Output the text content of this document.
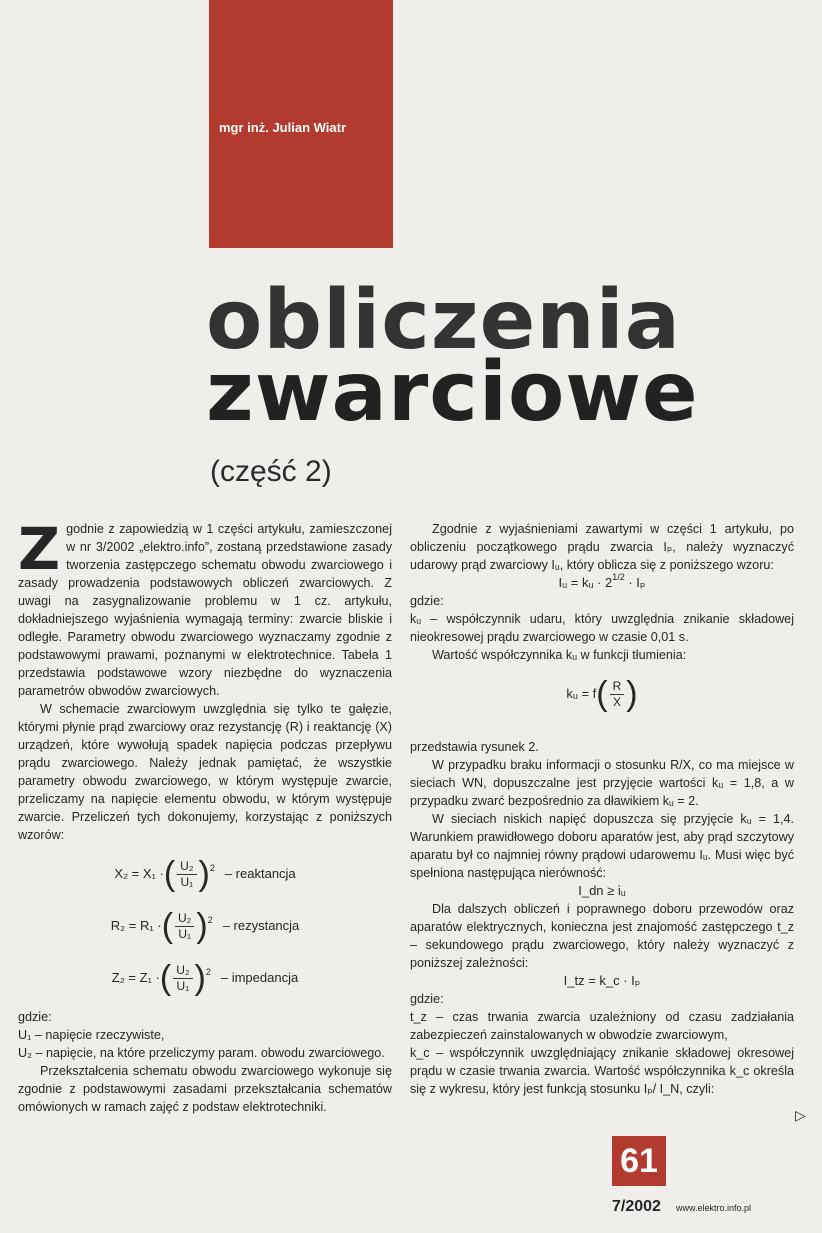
mgr inż. Julian Wiatr
obliczenia
zwarciowe
(część 2)

Zgodnie z zapowiedzią w 1 części artykułu, zamieszczonej w nr 3/2002 „elektro.info”, zostaną przedstawione zasady tworzenia zastępczego schematu obwodu zwarciowego i zasady prowadzenia podstawowych obliczeń zwarciowych. Z uwagi na zasygnalizowanie problemu w 1 cz. artykułu, dokładniejszego wyjaśnienia wymagają terminy: zwarcie bliskie i odległe. Parametry obwodu zwarciowego wyznaczamy zgodnie z podstawowymi prawami, poznanymi w elektrotechnice. Tabela 1 przedstawia podstawowe wzory niezbędne do wyznaczenia parametrów obwodów zwarciowych.

W schemacie zwarciowym uwzględnia się tylko te gałęzie, którymi płynie prąd zwarciowy oraz rezystancję (R) i reaktancję (X) urządzeń, które wywołują spadek napięcia podczas przepływu prądu zwarciowego. Należy jednak pamiętać, że wszystkie parametry obwodu zwarciowego, w którym występuje zwarcie, przeliczamy na napięcie elementu obwodu, w którym występuje zwarcie. Przeliczeń tych dokonujemy, korzystając z poniższych wzorów:

X₂ = X₁ · ( $\frac{\text{U₂}}{\text{U₁}}$ ) 2 – reaktancja
R₂ = R₁ · ( $\frac{\text{U₂}}{\text{U₁}}$ ) 2 – rezystancja
Z₂ = Z₁ · ( $\frac{\text{U₂}}{\text{U₁}}$ ) 2 – impedancja

gdzie:

U₁ – napięcie rzeczywiste,

U₂ – napięcie, na które przeliczymy param. obwodu zwarciowego.

Przekształcenia schematu obwodu zwarciowego wykonuje się zgodnie z podstawowymi zasadami przekształcania schematów omówionych w ramach zajęć z podstaw elektrotechniki.

Zgodnie z wyjaśnieniami zawartymi w części 1 artykułu, po obliczeniu początkowego prądu zwarcia Iₚ, należy wyznaczyć udarowy prąd zwarciowy Iᵤ, który oblicza się z poniższego wzoru:

Iᵤ = kᵤ · $2^{1/2} \cdot I_p$

gdzie:

kᵤ – współczynnik udaru, który uwzględnia znikanie składowej nieokresowej prądu zwarciowego w czasie 0,01 s.

Wartość współczynnika kᵤ w funkcji tłumienia:

kᵤ = f ( $\frac{R}{X}$ )

przedstawia rysunek 2.

W przypadku braku informacji o stosunku R/X, co ma miejsce w sieciach WN, dopuszczalne jest przyjęcie wartości kᵤ = 1,8, a w przypadku zwarć bezpośrednio za dławikiem kᵤ = 2.

W sieciach niskich napięć dopuszcza się przyjęcie kᵤ = 1,4. Warunkiem prawidłowego doboru aparatów jest, aby prąd szczytowy aparatu był co najmniej równy prądowi udarowemu Iᵤ. Musi więc być spełniona następująca nierówność:

I_dn ≥ iᵤ

Dla dalszych obliczeń i poprawnego doboru przewodów oraz aparatów elektrycznych, konieczna jest znajomość zastępczego t_z – sekundowego prądu zwarciowego, który należy wyznaczyć z poniższej zależności:

I_tz = k_c · Iₚ

gdzie:

t_z – czas trwania zwarcia uzależniony od czasu zadziałania zabezpieczeń zainstalowanych w obwodzie zwarciowym,

k_c – współczynnik uwzględniający znikanie składowej okresowej prądu w czasie trwania zwarcia. Wartość współczynnika k_c określa się z wykresu, który jest funkcją stosunku Iₚ/ I_N, czyli:

▷
61
7/2002 www.elektro.info.pl
